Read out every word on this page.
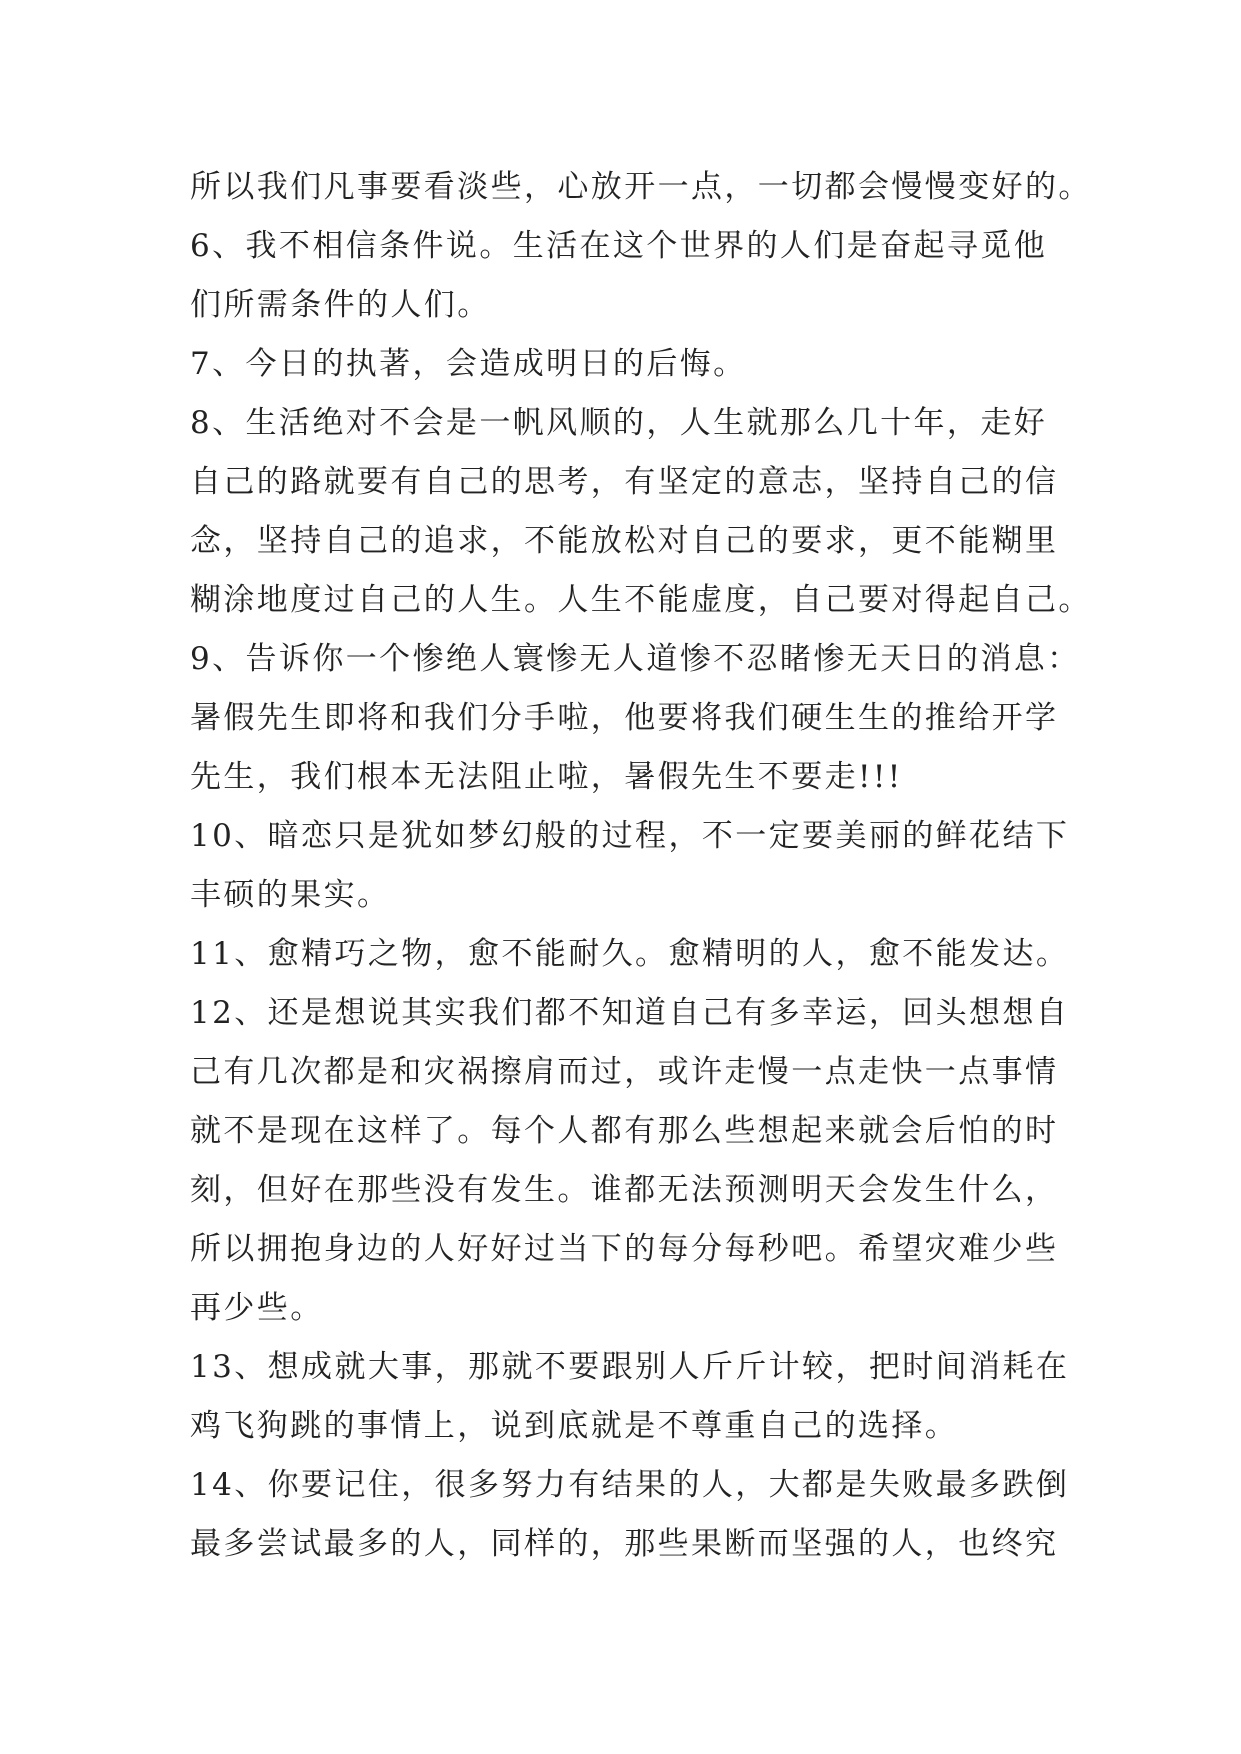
所以我们凡事要看淡些，心放开一点，一切都会慢慢变好的。
6、我不相信条件说。生活在这个世界的人们是奋起寻觅他
们所需条件的人们。
7、今日的执著，会造成明日的后悔。
8、生活绝对不会是一帆风顺的，人生就那么几十年，走好
自己的路就要有自己的思考，有坚定的意志，坚持自己的信
念，坚持自己的追求，不能放松对自己的要求，更不能糊里
糊涂地度过自己的人生。人生不能虚度，自己要对得起自己。
9、告诉你一个惨绝人寰惨无人道惨不忍睹惨无天日的消息：
暑假先生即将和我们分手啦，他要将我们硬生生的推给开学
先生，我们根本无法阻止啦，暑假先生不要走!!!
10、暗恋只是犹如梦幻般的过程，不一定要美丽的鲜花结下
丰硕的果实。
11、愈精巧之物，愈不能耐久。愈精明的人，愈不能发达。
12、还是想说其实我们都不知道自己有多幸运，回头想想自
己有几次都是和灾祸擦肩而过，或许走慢一点走快一点事情
就不是现在这样了。每个人都有那么些想起来就会后怕的时
刻，但好在那些没有发生。谁都无法预测明天会发生什么，
所以拥抱身边的人好好过当下的每分每秒吧。希望灾难少些
再少些。
13、想成就大事，那就不要跟别人斤斤计较，把时间消耗在
鸡飞狗跳的事情上，说到底就是不尊重自己的选择。
14、你要记住，很多努力有结果的人，大都是失败最多跌倒
最多尝试最多的人，同样的，那些果断而坚强的人，也终究
